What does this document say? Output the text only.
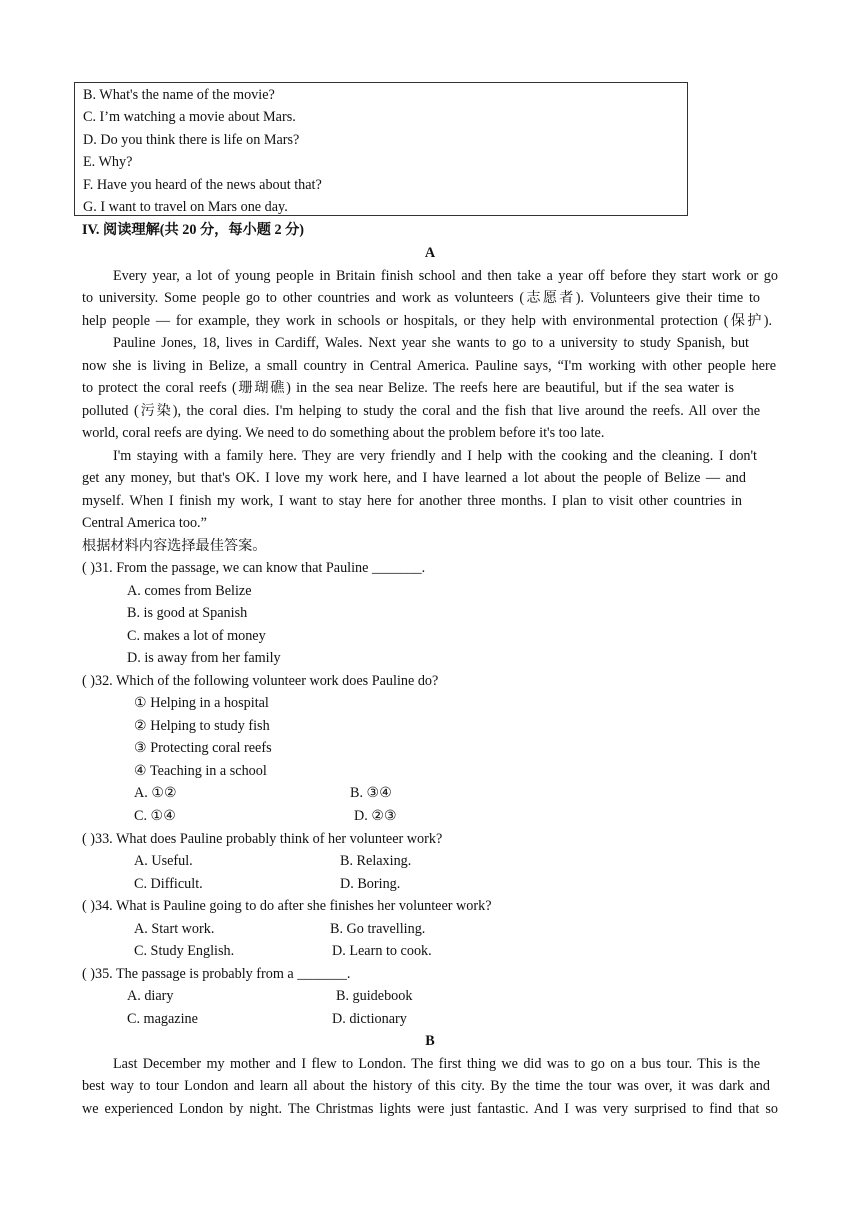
B. What's the name of the movie?
C. I’m watching a movie about Mars.
D. Do you think there is life on Mars?
E. Why?
F. Have you heard of the news about that?
G. I want to travel on Mars one day.
IV. 阅读理解(共 20 分，每小题 2 分)
A
Every year, a lot of young people in Britain finish school and then take a year off before they start work or go
to university. Some people go to other countries and work as volunteers (志愿者). Volunteers give their time to
help people — for example, they work in schools or hospitals, or they help with environmental protection (保护).
Pauline Jones, 18, lives in Cardiff, Wales. Next year she wants to go to a university to study Spanish, but
now she is living in Belize, a small country in Central America. Pauline says, “I'm working with other people here
to protect the coral reefs (珊瑚礁) in the sea near Belize. The reefs here are beautiful, but if the sea water is
polluted (污染), the coral dies. I'm helping to study the coral and the fish that live around the reefs. All over the
world, coral reefs are dying. We need to do something about the problem before it's too late.
I'm staying with a family here. They are very friendly and I help with the cooking and the cleaning. I don't
get any money, but that's OK. I love my work here, and I have learned a lot about the people of Belize — and
myself. When I finish my work, I want to stay here for another three months. I plan to visit other countries in
Central America too.”
根据材料内容选择最佳答案。
( )31. From the passage, we can know that Pauline _______.
A. comes from Belize
B. is good at Spanish
C. makes a lot of money
D. is away from her family
( )32. Which of the following volunteer work does Pauline do?
① Helping in a hospital
② Helping to study fish
③ Protecting coral reefs
④ Teaching in a school
A. ①②	B. ③④
C. ①④	D. ②③
( )33. What does Pauline probably think of her volunteer work?
A. Useful.	B. Relaxing.
C. Difficult.	D. Boring.
( )34. What is Pauline going to do after she finishes her volunteer work?
A. Start work.	B. Go travelling.
C. Study English.	D. Learn to cook.
( )35. The passage is probably from a _______.
A. diary	B. guidebook
C. magazine	D. dictionary
B
Last December my mother and I flew to London. The first thing we did was to go on a bus tour. This is the
best way to tour London and learn all about the history of this city. By the time the tour was over, it was dark and
we experienced London by night. The Christmas lights were just fantastic. And I was very surprised to find that so
